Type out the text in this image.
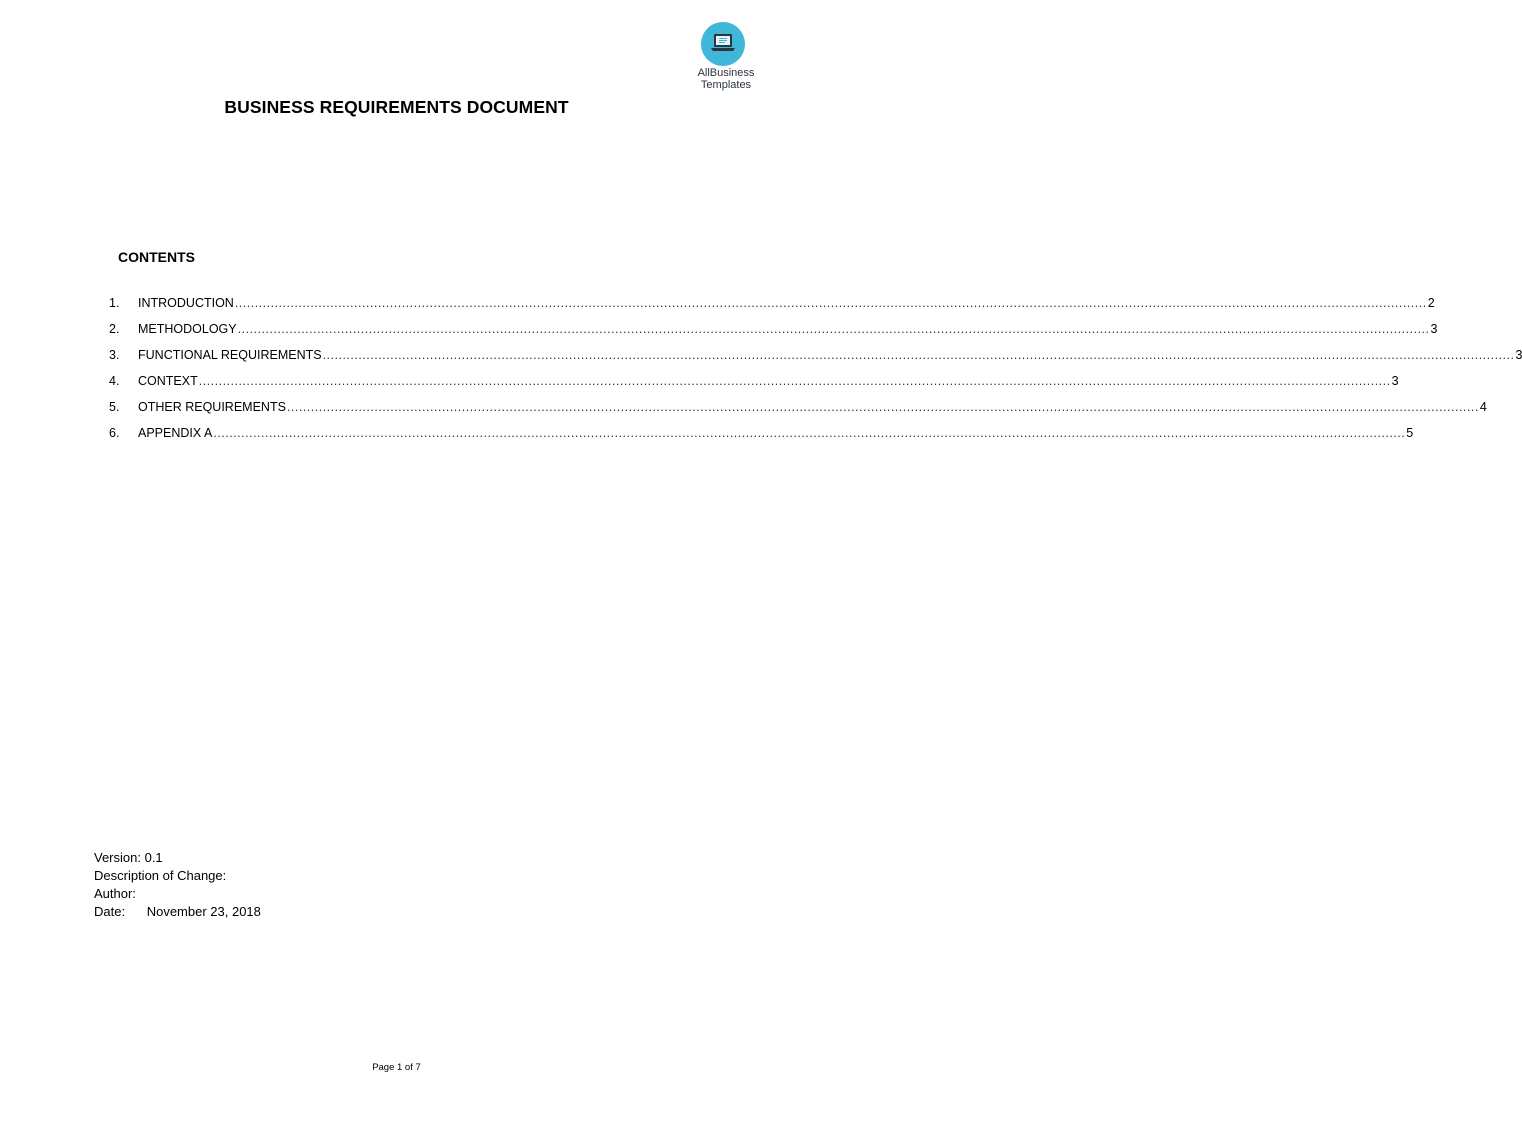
AllBusiness
Templates
BUSINESS REQUIREMENTS DOCUMENT
CONTENTS
1. INTRODUCTION ............................................................................................................................................................................................................................................................................................................ 2
2. METHODOLOGY ............................................................................................................................................................................................................................................................................................................ 3
3. FUNCTIONAL REQUIREMENTS ............................................................................................................................................................................................................................................................................................................ 3
4. CONTEXT ............................................................................................................................................................................................................................................................................................................ 3
5. OTHER REQUIREMENTS ............................................................................................................................................................................................................................................................................................................ 4
6. APPENDIX A ............................................................................................................................................................................................................................................................................................................ 5
Version: 0.1
Description of Change:
Author:
Date: November 23, 2018
Page 1 of 7
